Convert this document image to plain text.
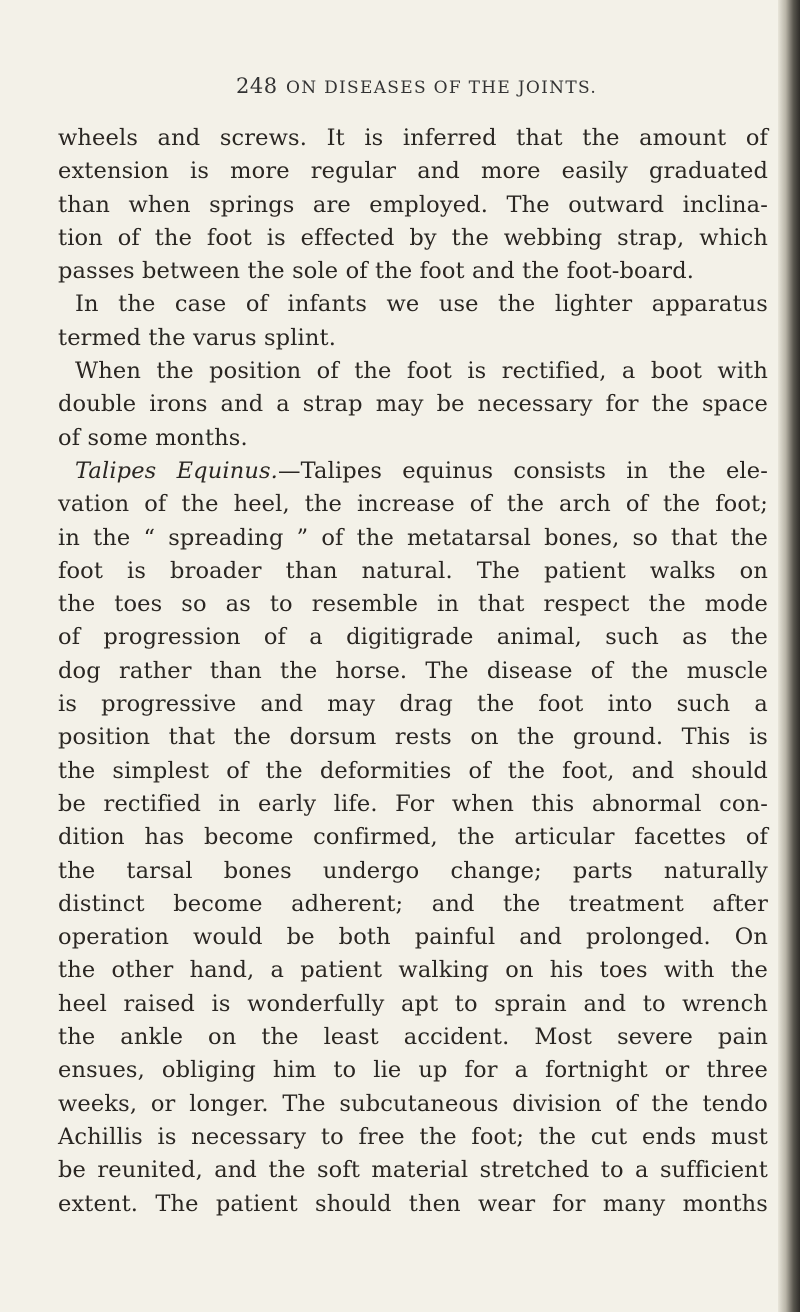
248 ON DISEASES OF THE JOINTS.
wheels and screws. It is inferred that the amount of
extension is more regular and more easily graduated
than when springs are employed. The outward inclina-
tion of the foot is effected by the webbing strap, which
passes between the sole of the foot and the foot-board.
In the case of infants we use the lighter apparatus
termed the varus splint.
When the position of the foot is rectified, a boot with
double irons and a strap may be necessary for the space
of some months.
Talipes Equinus.—Talipes equinus consists in the ele-
vation of the heel, the increase of the arch of the foot;
in the “ spreading ” of the metatarsal bones, so that the
foot is broader than natural. The patient walks on
the toes so as to resemble in that respect the mode
of progression of a digitigrade animal, such as the
dog rather than the horse. The disease of the muscle
is progressive and may drag the foot into such a
position that the dorsum rests on the ground. This is
the simplest of the deformities of the foot, and should
be rectified in early life. For when this abnormal con-
dition has become confirmed, the articular facettes of
the tarsal bones undergo change; parts naturally
distinct become adherent; and the treatment after
operation would be both painful and prolonged. On
the other hand, a patient walking on his toes with the
heel raised is wonderfully apt to sprain and to wrench
the ankle on the least accident. Most severe pain
ensues, obliging him to lie up for a fortnight or three
weeks, or longer. The subcutaneous division of the tendo
Achillis is necessary to free the foot; the cut ends must
be reunited, and the soft material stretched to a sufficient
extent. The patient should then wear for many months
